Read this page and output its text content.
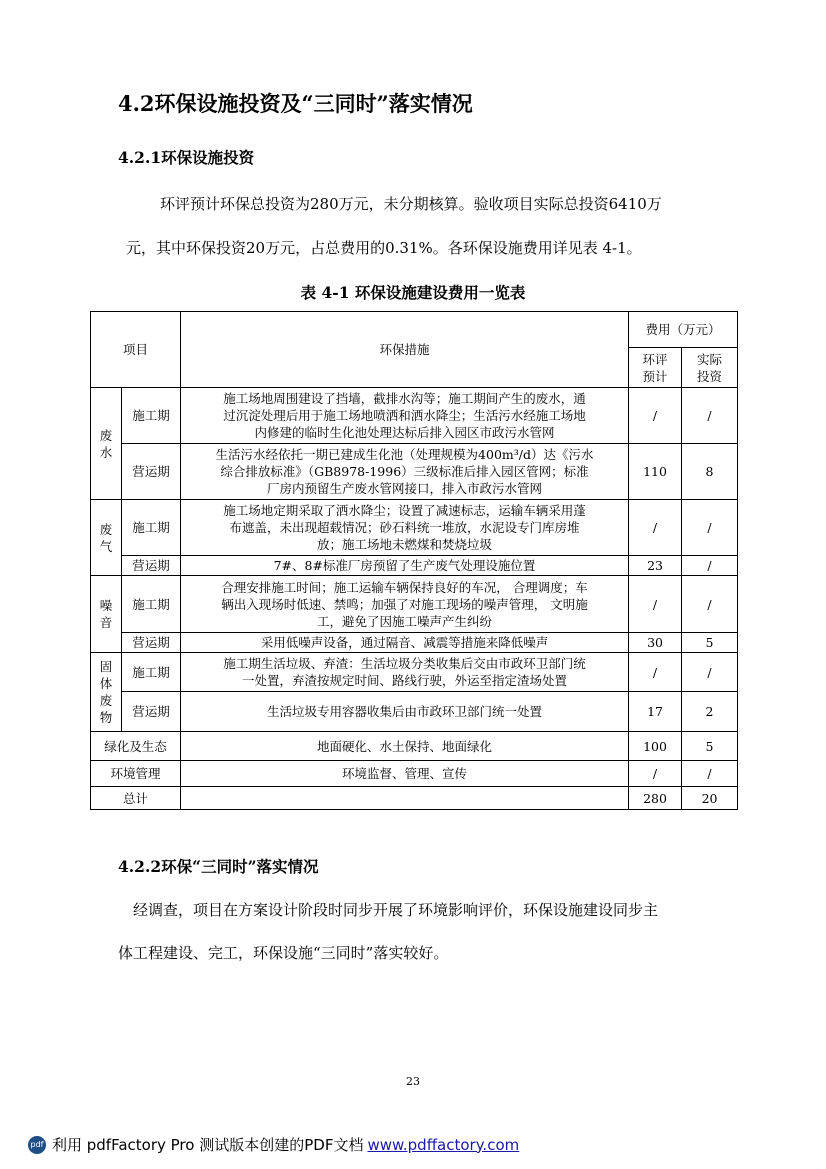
4.2环保设施投资及“三同时”落实情况
4.2.1环保设施投资
环评预计环保总投资为280万元，未分期核算。验收项目实际总投资6410万
元，其中环保投资20万元，占总费用的0.31%。各环保设施费用详见表 4-1。
表 4-1 环保设施建设费用一览表
项目		环保措施	费用（万元）	
			环评
预计	实际
投资
废
水	施工期	施工场地周围建设了挡墙，截排水沟等；施工期间产生的废水，通
过沉淀处理后用于施工场地喷洒和洒水降尘；生活污水经施工场地
内修建的临时生化池处理达标后排入园区市政污水管网	/	/
	营运期	生活污水经依托一期已建成生化池（处理规模为400m³/d）达《污水
综合排放标准》（GB8978-1996）三级标准后排入园区管网；标准
厂房内预留生产废水管网接口，排入市政污水管网	110	8
废
气	施工期	施工场地定期采取了洒水降尘；设置了减速标志，运输车辆采用蓬
布遮盖，未出现超载情况；砂石料统一堆放，水泥设专门库房堆
放；施工场地未燃煤和焚烧垃圾	/	/
	营运期	7#、8#标准厂房预留了生产废气处理设施位置	23	/
噪
音	施工期	合理安排施工时间；施工运输车辆保持良好的车况， 合理调度；车
辆出入现场时低速、禁鸣；加强了对施工现场的噪声管理， 文明施
工，避免了因施工噪声产生纠纷	/	/
	营运期	采用低噪声设备，通过隔音、减震等措施来降低噪声	30	5
固
体
废
物	施工期	施工期生活垃圾、弃渣：生活垃圾分类收集后交由市政环卫部门统
一处置，弃渣按规定时间、路线行驶，外运至指定渣场处置	/	/
	营运期	生活垃圾专用容器收集后由市政环卫部门统一处置	17	2
绿化及生态		地面硬化、水土保持、地面绿化	100	5
环境管理		环境监督、管理、宣传	/	/
总计			280	20
4.2.2环保“三同时”落实情况
经调查，项目在方案设计阶段时同步开展了环境影响评价，环保设施建设同步主
体工程建设、完工，环保设施“三同时”落实较好。
23
pdf 利用 pdfFactory Pro 测试版本创建的PDF文档 www.pdffactory.com
